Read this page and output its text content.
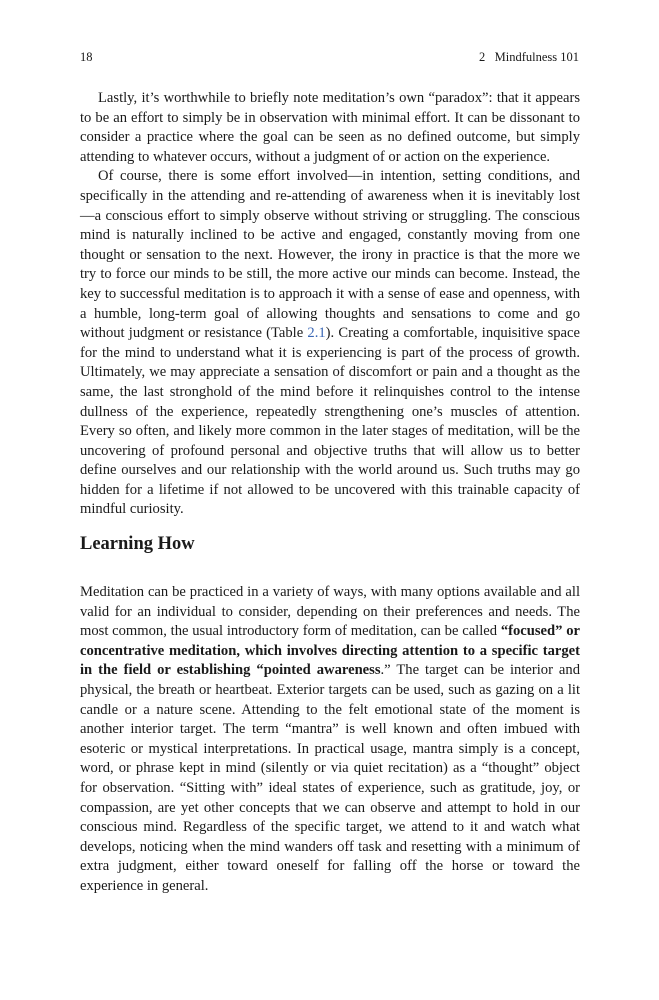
18	2   Mindfulness 101

Lastly, it’s worthwhile to briefly note meditation’s own “paradox”: that it appears to be an effort to simply be in observation with minimal effort. It can be dissonant to consider a practice where the goal can be seen as no defined outcome, but simply attending to whatever occurs, without a judgment of or action on the experience.

Of course, there is some effort involved—in intention, setting conditions, and specifically in the attending and re-attending of awareness when it is inevitably lost—a conscious effort to simply observe without striving or struggling. The conscious mind is naturally inclined to be active and engaged, constantly moving from one thought or sensation to the next. However, the irony in practice is that the more we try to force our minds to be still, the more active our minds can become. Instead, the key to successful meditation is to approach it with a sense of ease and openness, with a humble, long-term goal of allowing thoughts and sensations to come and go without judgment or resistance (Table 2.1). Creating a comfortable, inquisitive space for the mind to understand what it is experiencing is part of the process of growth. Ultimately, we may appreciate a sensation of discomfort or pain and a thought as the same, the last stronghold of the mind before it relinquishes control to the intense dullness of the experience, repeatedly strengthening one’s muscles of attention. Every so often, and likely more common in the later stages of meditation, will be the uncovering of profound personal and objective truths that will allow us to better define ourselves and our relationship with the world around us. Such truths may go hidden for a lifetime if not allowed to be uncovered with this trainable capacity of mindful curiosity.

Learning How

Meditation can be practiced in a variety of ways, with many options available and all valid for an individual to consider, depending on their preferences and needs. The most common, the usual introductory form of meditation, can be called “focused” or concentrative meditation, which involves directing attention to a specific target in the field or establishing “pointed awareness.” The target can be interior and physical, the breath or heartbeat. Exterior targets can be used, such as gazing on a lit candle or a nature scene. Attending to the felt emotional state of the moment is another interior target. The term “mantra” is well known and often imbued with esoteric or mystical interpretations. In practical usage, mantra simply is a concept, word, or phrase kept in mind (silently or via quiet recitation) as a “thought” object for observation. “Sitting with” ideal states of experience, such as gratitude, joy, or compassion, are yet other concepts that we can observe and attempt to hold in our conscious mind. Regardless of the specific target, we attend to it and watch what develops, noticing when the mind wanders off task and resetting with a minimum of extra judgment, either toward oneself for falling off the horse or toward the experience in general.
